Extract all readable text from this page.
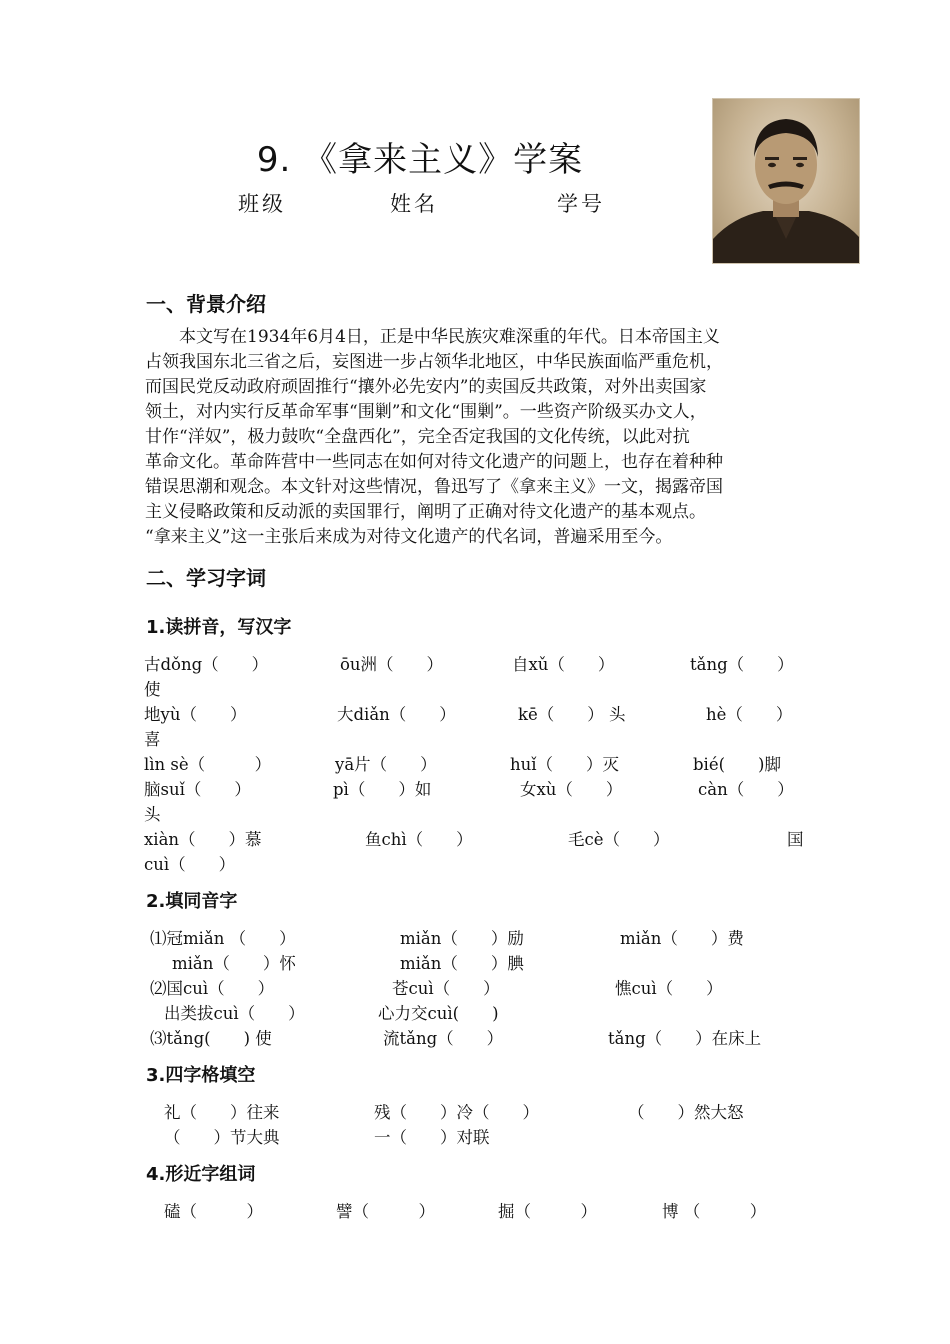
9. 《拿来主义》学案
班级	姓名	学号
一、背景介绍

本文写在1934年6月4日，正是中华民族灾难深重的年代。日本帝国主义

占领我国东北三省之后，妄图进一步占领华北地区，中华民族面临严重危机，

而国民党反动政府顽固推行“攘外必先安内”的卖国反共政策，对外出卖国家

领土，对内实行反革命军事“围剿”和文化“围剿”。一些资产阶级买办文人，

甘作“洋奴”，极力鼓吹“全盘西化”，完全否定我国的文化传统，以此对抗

革命文化。革命阵营中一些同志在如何对待文化遗产的问题上，也存在着种种

错误思潮和观念。本文针对这些情况，鲁迅写了《拿来主义》一文，揭露帝国

主义侵略政策和反动派的卖国罪行，阐明了正确对待文化遗产的基本观点。

“拿来主义”这一主张后来成为对待文化遗产的代名词，普遍采用至今。

二、学习字词
1.读拼音，写汉字
古dǒng（　　）	ōu洲（　　）	自xǔ（　　）	tǎng（　　）
使
地yù（　　）	大diǎn（　　）	kē（　　） 头	hè（　　）
喜
lìn sè（　　　）	yā片（　　）	huǐ（　　）灭	bié(　　)脚
脑suǐ（　　）	pì（　　）如	女xù（　　）	càn（　　）
头
xiàn（　　）慕	鱼chì（　　）	毛cè（　　）	国
cuì（　　）
2.填同音字
⑴冠miǎn （　　）	miǎn（　　）励	miǎn（　　）费
miǎn（　　）怀	miǎn（　　）腆
⑵国cuì（　　）	苍cuì（　　）	憔cuì（　　）
出类拔cuì（　　）	心力交cuì(　　)
⑶tǎng(　　) 使	流tǎng（　　）	tǎng（　　）在床上
3.四字格填空
礼（　　）往来	残（　　）冷（　　）	（　　）然大怒
（　　）节大典	一（　　）对联
4.形近字组词
磕（　　　）	譬（　　　）	掘（　　　）	博 （　　　）
